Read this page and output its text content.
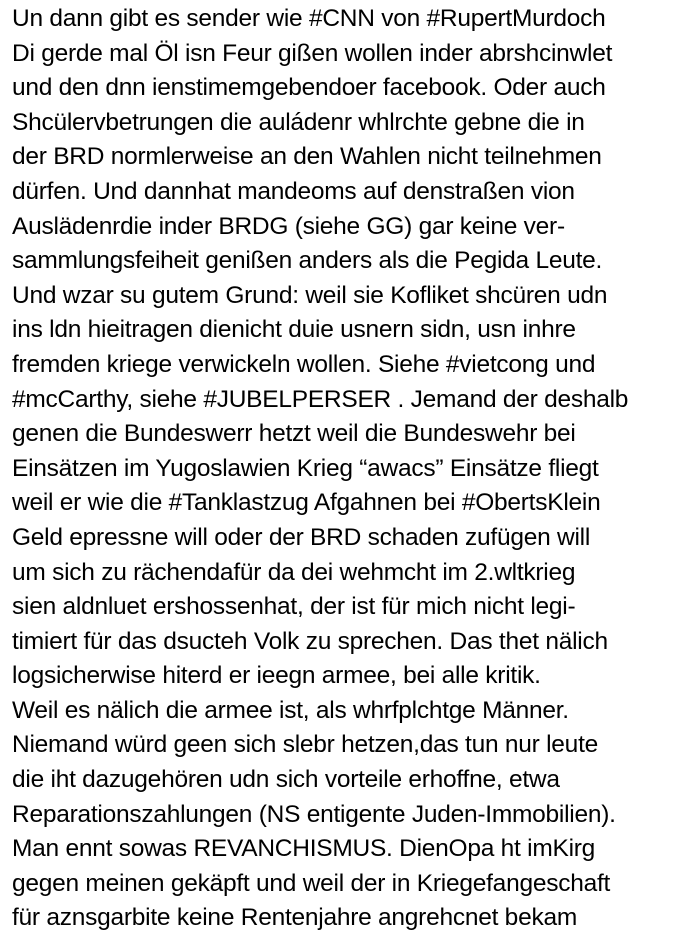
Un dann gibt es sender wie #CNN von #RupertMurdoch
Di gerde mal Öl isn Feur gißen wollen inder abrshcinwlet
und den dnn ienstimemgebendoer facebook. Oder auch
Shcülervbetrungen die auládenr whlrchte gebne die in
der BRD normlerweise an den Wahlen nicht teilnehmen
dürfen. Und dannhat mandeoms auf denstraßen vion
Auslädenrdie inder BRDG (siehe GG) gar keine ver-
sammlungsfeiheit genißen anders als die Pegida Leute.
Und wzar su gutem Grund: weil sie Kofliket shcüren udn
ins ldn hieitragen dienicht duie usnern sidn, usn inhre
fremden kriege verwickeln wollen. Siehe #vietcong und
#mcCarthy, siehe #JUBELPERSER . Jemand der deshalb
genen die Bundeswerr hetzt weil die Bundeswehr bei
Einsätzen im Yugoslawien Krieg “awacs” Einsätze fliegt
weil er wie die #Tanklastzug Afgahnen bei #ObertsKlein
Geld epressne will oder der BRD schaden zufügen will
um sich zu rächendafür da dei wehmcht im 2.wltkrieg
sien aldnluet ershossenhat, der ist für mich nicht legi-
timiert für das dsucteh Volk zu sprechen. Das thet nälich
logsicherwise hiterd er ieegn armee, bei alle kritik.
Weil es nälich die armee ist, als whrfplchtge Männer.
Niemand würd geen sich slebr hetzen,das tun nur leute
die iht dazugehören udn sich vorteile erhoffne, etwa
Reparationszahlungen (NS entigente Juden-Immobilien).
Man ennt sowas REVANCHISMUS. DienOpa ht imKirg
gegen meinen gekäpft und weil der in Kriegefangeschaft
für aznsgarbite keine Rentenjahre angrehcnet bekam
